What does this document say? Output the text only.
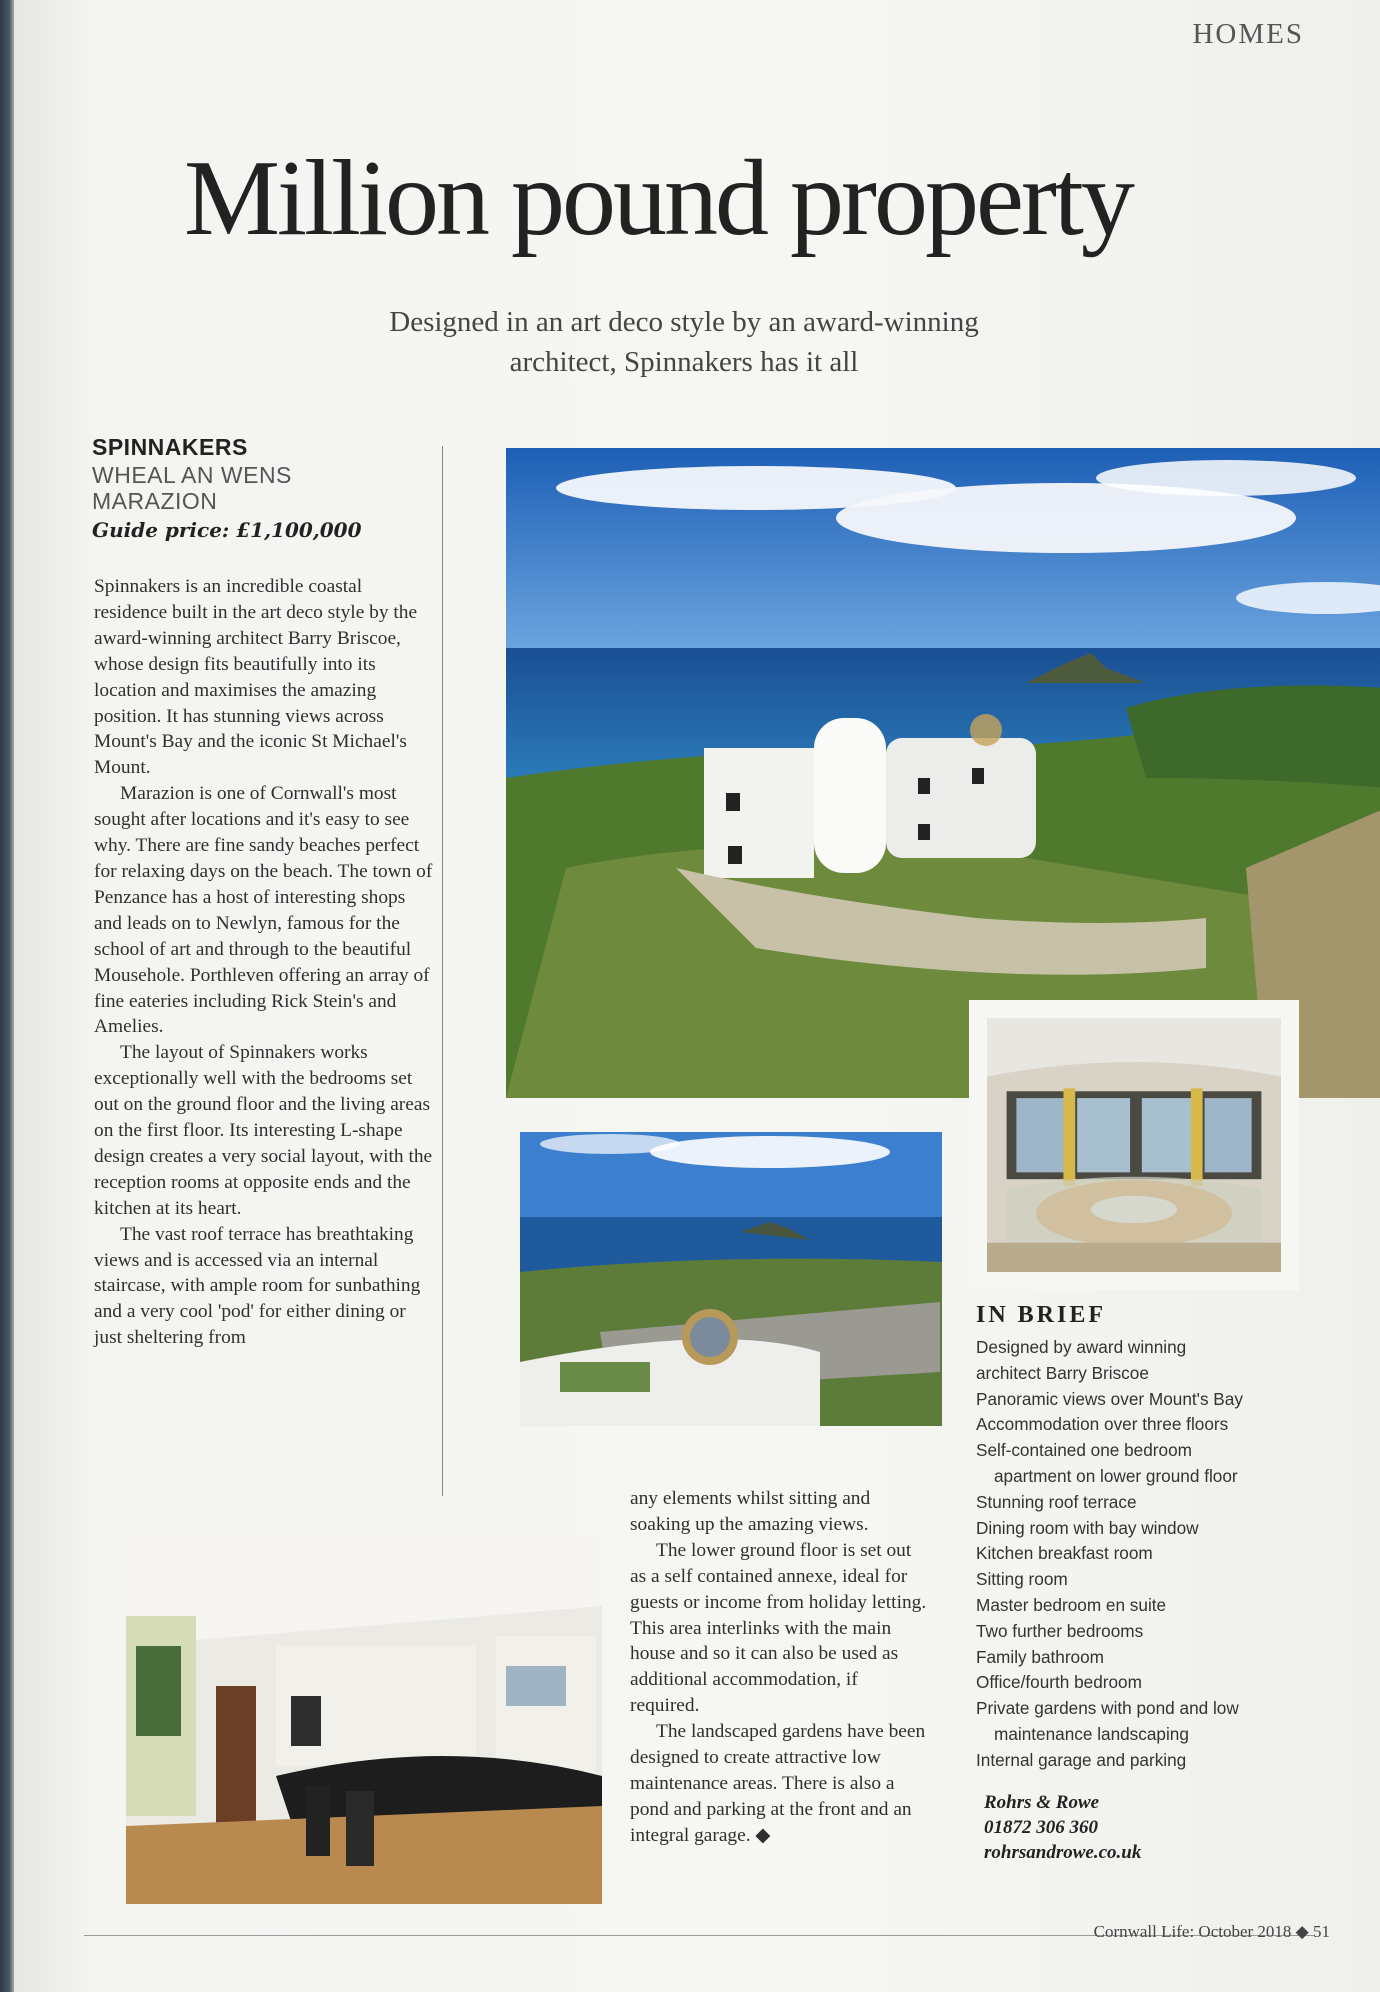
HOMES
Million pound property
Designed in an art deco style by an award-winning architect, Spinnakers has it all
SPINNAKERS
WHEAL AN WENS MARAZION
Guide price: £1,100,000

Spinnakers is an incredible coastal residence built in the art deco style by the award-winning architect Barry Briscoe, whose design fits beautifully into its location and maximises the amazing position. It has stunning views across Mount's Bay and the iconic St Michael's Mount.

Marazion is one of Cornwall's most sought after locations and it's easy to see why. There are fine sandy beaches perfect for relaxing days on the beach. The town of Penzance has a host of interesting shops and leads on to Newlyn, famous for the school of art and through to the beautiful Mousehole. Porthleven offering an array of fine eateries including Rick Stein's and Amelies.

The layout of Spinnakers works exceptionally well with the bedrooms set out on the ground floor and the living areas on the first floor. Its interesting L-shape design creates a very social layout, with the reception rooms at opposite ends and the kitchen at its heart.

The vast roof terrace has breathtaking views and is accessed via an internal staircase, with ample room for sunbathing and a very cool 'pod' for either dining or just sheltering from

any elements whilst sitting and soaking up the amazing views.

The lower ground floor is set out as a self contained annexe, ideal for guests or income from holiday letting. This area interlinks with the main house and so it can also be used as additional accommodation, if required.

The landscaped gardens have been designed to create attractive low maintenance areas. There is also a pond and parking at the front and an integral garage. ◆

IN BRIEF
Designed by award winning
architect Barry Briscoe
Panoramic views over Mount's Bay
Accommodation over three floors
Self-contained one bedroom
apartment on lower ground floor
Stunning roof terrace
Dining room with bay window
Kitchen breakfast room
Sitting room
Master bedroom en suite
Two further bedrooms
Family bathroom
Office/fourth bedroom
Private gardens with pond and low
maintenance landscaping
Internal garage and parking
Rohrs & Rowe
01872 306 360
rohrsandrowe.co.uk
Cornwall Life: October 2018 ◆ 51
